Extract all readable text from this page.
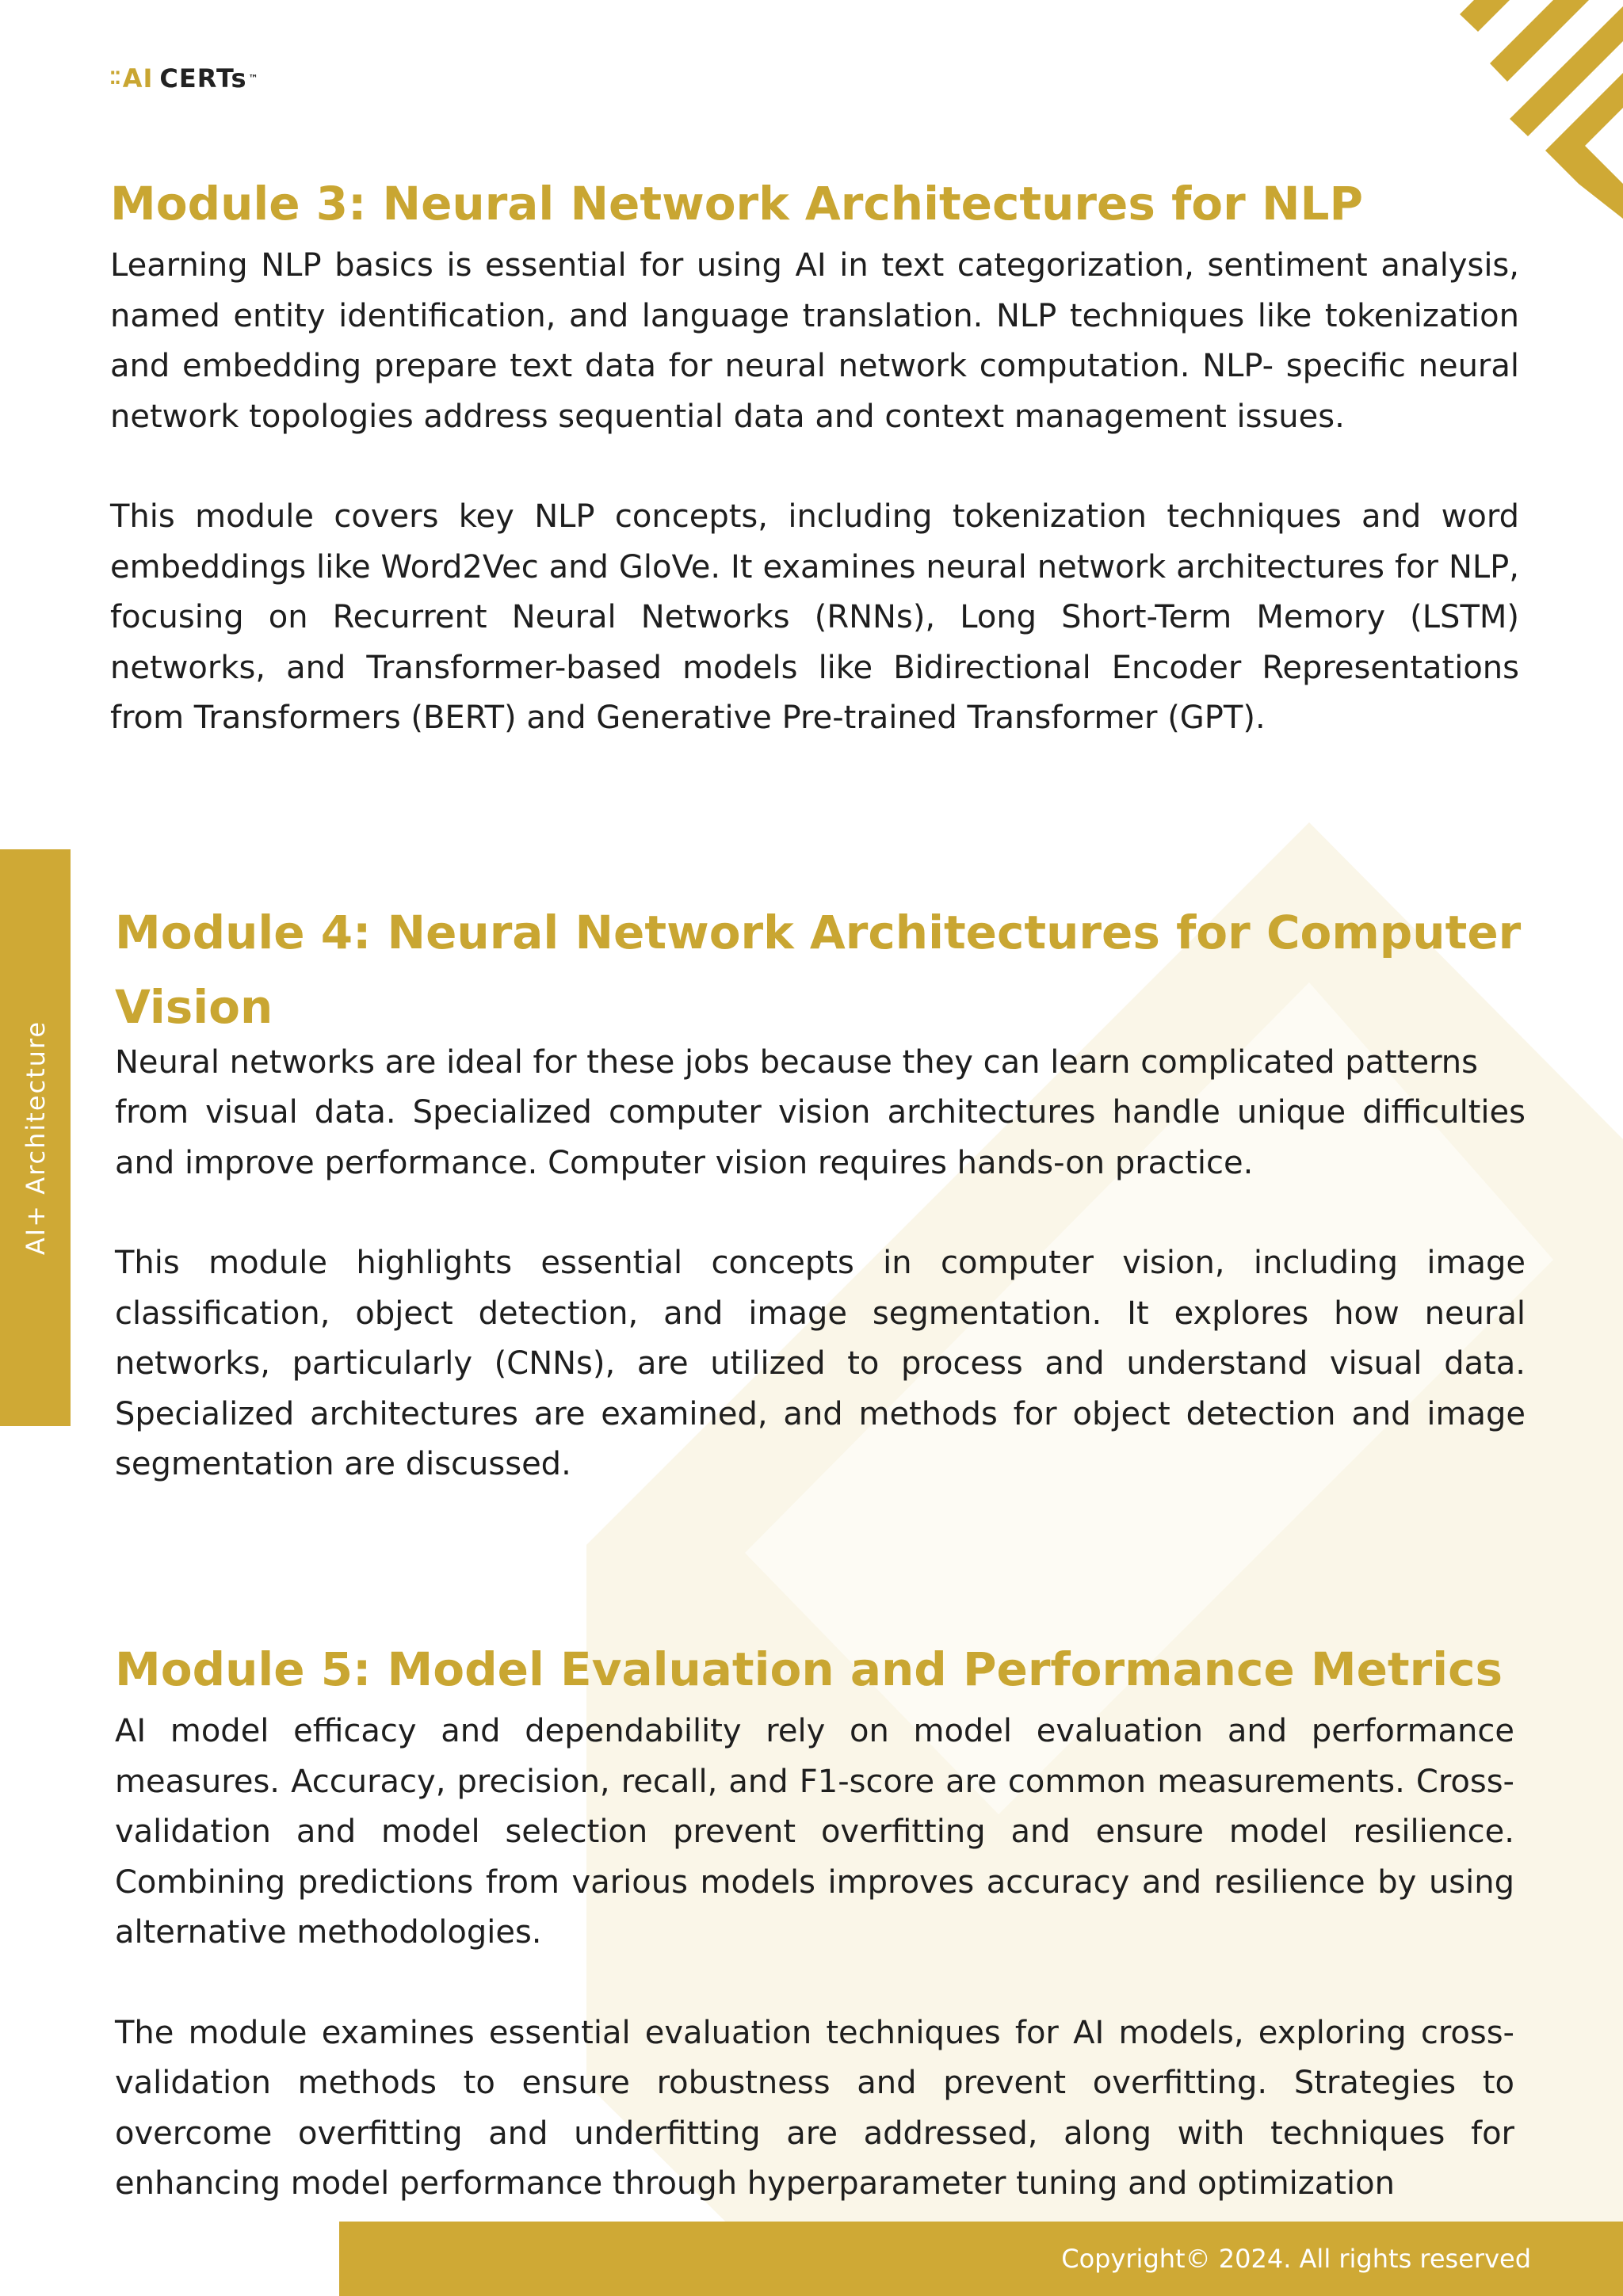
⁚⁚ AI CERTs ™
Module 3: Neural Network Architectures for NLP

Learning NLP basics is essential for using AI in text categorization, sentiment analysis, named entity identification, and language translation. NLP techniques like tokenization and embedding prepare text data for neural network computation. NLP- specific neural network topologies address sequential data and context management issues.

This module covers key NLP concepts, including tokenization techniques and word embeddings like Word2Vec and GloVe. It examines neural network architectures for NLP, focusing on Recurrent Neural Networks (RNNs), Long Short-Term Memory (LSTM) networks, and Transformer-based models like Bidirectional Encoder Representations from Transformers (BERT) and Generative Pre-trained Transformer (GPT).

Module 4: Neural Network Architectures for Computer Vision

Neural networks are ideal for these jobs because they can learn complicated patterns

from visual data. Specialized computer vision architectures handle unique difficulties and improve performance. Computer vision requires hands-on practice.

This module highlights essential concepts in computer vision, including image classification, object detection, and image segmentation. It explores how neural networks, particularly (CNNs), are utilized to process and understand visual data. Specialized architectures are examined, and methods for object detection and image segmentation are discussed.

Module 5: Model Evaluation and Performance Metrics

AI model efficacy and dependability rely on model evaluation and performance measures. Accuracy, precision, recall, and F1-score are common measurements. Cross-validation and model selection prevent overfitting and ensure model resilience. Combining predictions from various models improves accuracy and resilience by using alternative methodologies.

The module examines essential evaluation techniques for AI models, exploring cross- validation methods to ensure robustness and prevent overfitting. Strategies to overcome overfitting and underfitting are addressed, along with techniques for enhancing model performance through hyperparameter tuning and optimization

AI+ Architecture
Copyright© 2024. All rights reserved
